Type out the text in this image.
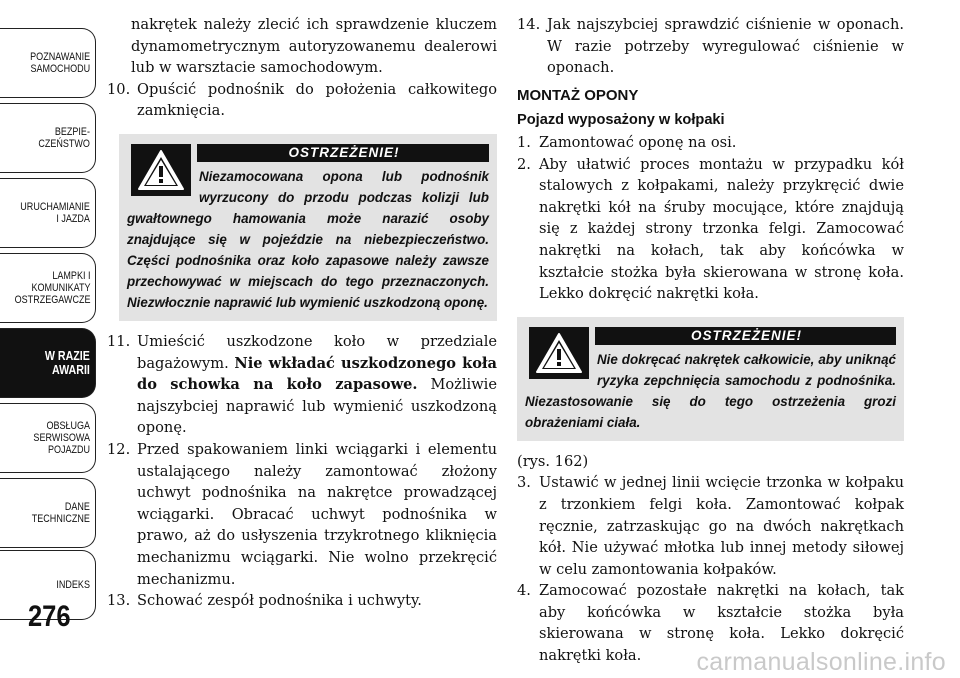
POZNAWANIE
SAMOCHODU
BEZPIE-
CZEŃSTWO
URUCHAMIANIE
I JAZDA
LAMPKI I
KOMUNIKATY
OSTRZEGAWCZE
W RAZIE
AWARII
OBSŁUGA
SERWISOWA
POJAZDU
DANE
TECHNICZNE
INDEKS
276

nakrętek należy zlecić ich sprawdzenie kluczem dynamometrycznym autoryzowanemu dealerowi lub w warsztacie samochodowym.

10. Opuścić podnośnik do położenia całkowitego zamknięcia.
OSTRZEŻENIE!
Niezamocowana opona lub podnośnik wyrzucony do przodu podczas kolizji lub gwałtownego hamowania może narazić osoby znajdujące się w pojeździe na niebezpieczeństwo. Części podnośnika oraz koło zapasowe należy zawsze przechowywać w miejscach do tego przeznaczonych. Niezwłocznie naprawić lub wymienić uszkodzoną oponę.
11. Umieścić uszkodzone koło w przedziale bagażowym. Nie wkładać uszkodzonego koła do schowka na koło zapasowe. Możliwie najszybciej naprawić lub wymienić uszkodzoną oponę.
12. Przed spakowaniem linki wciągarki i elementu ustalającego należy zamontować złożony uchwyt podnośnika na nakrętce prowadzącej wciągarki. Obracać uchwyt podnośnika w prawo, aż do usłyszenia trzykrotnego kliknięcia mechanizmu wciągarki. Nie wolno przekręcić mechanizmu.
13. Schować zespół podnośnika i uchwyty.
14. Jak najszybciej sprawdzić ciśnienie w oponach. W razie potrzeby wyregulować ciśnienie w oponach.
MONTAŻ OPONY
Pojazd wyposażony w kołpaki
1. Zamontować oponę na osi.
2. Aby ułatwić proces montażu w przypadku kół stalowych z kołpakami, należy przykręcić dwie nakrętki kół na śruby mocujące, które znajdują się z każdej strony trzonka felgi. Zamocować nakrętki na kołach, tak aby końcówka w kształcie stożka była skierowana w stronę koła. Lekko dokręcić nakrętki koła.
OSTRZEŻENIE!
Nie dokręcać nakrętek całkowicie, aby uniknąć ryzyka zepchnięcia samochodu z podnośnika. Niezastosowanie się do tego ostrzeżenia grozi obrażeniami ciała.

(rys. 162)

3. Ustawić w jednej linii wcięcie trzonka w kołpaku z trzonkiem felgi koła. Zamontować kołpak ręcznie, zatrzaskując go na dwóch nakrętkach kół. Nie używać młotka lub innej metody siłowej w celu zamontowania kołpaków.
4. Zamocować pozostałe nakrętki na kołach, tak aby końcówka w kształcie stożka była skierowana w stronę koła. Lekko dokręcić nakrętki koła.	carmanualsonline.info
